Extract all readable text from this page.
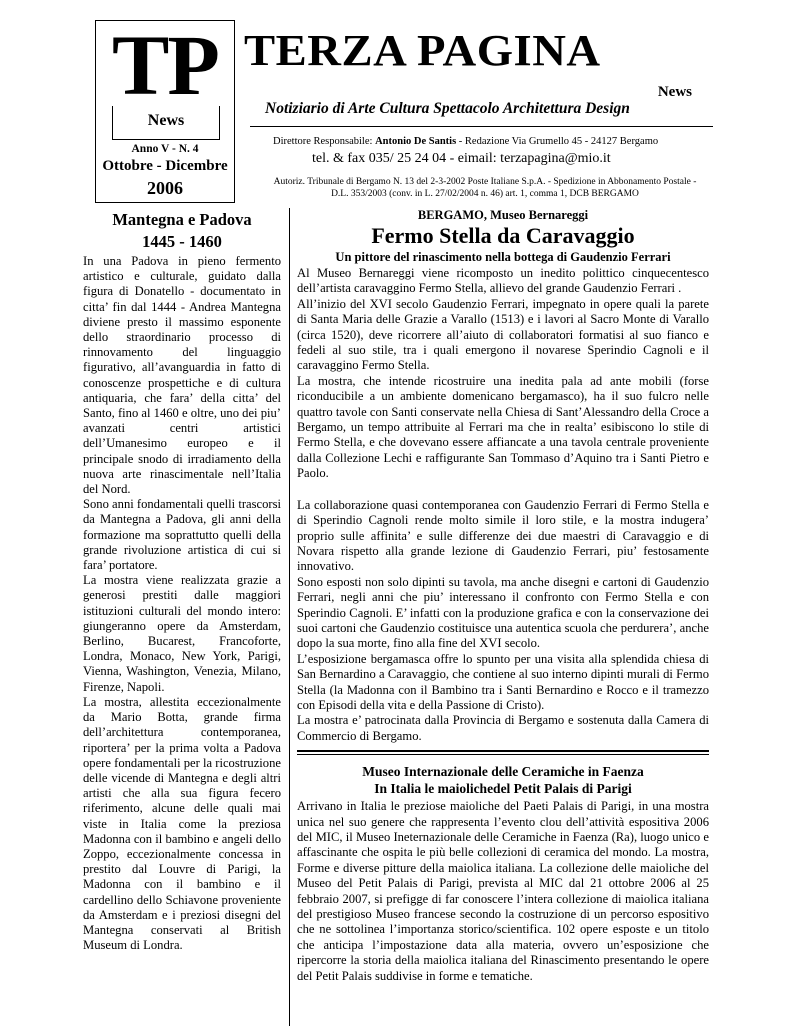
TP
News
Anno V - N. 4
Ottobre - Dicembre
2006
TERZA PAGINA
News
Notiziario di Arte Cultura Spettacolo Architettura Design
Direttore Responsabile: Antonio De Santis - Redazione Via Grumello 45 - 24127 Bergamo
tel. & fax 035/ 25 24 04 - eimail: terzapagina@mio.it
Autoriz. Tribunale di Bergamo N. 13 del 2-3-2002 Poste Italiane S.p.A. - Spedizione in Abbonamento Postale -
D.L. 353/2003 (conv. in L. 27/02/2004 n. 46) art. 1, comma 1, DCB BERGAMO
Mantegna e Padova
1445 - 1460

In una Padova in pieno fermento artistico e culturale, guidato dalla figura di Donatello - documentato in citta’ fin dal 1444 - Andrea Mantegna diviene presto il massimo esponente dello straordinario processo di rinnovamento del linguaggio figurativo, all’avanguardia in fatto di conoscenze prospettiche e di cultura antiquaria, che fara’ della citta’ del Santo, fino al 1460 e oltre, uno dei piu’ avanzati centri artistici dell’Umanesimo europeo e il principale snodo di irradiamento della nuova arte rinascimentale nell’Italia del Nord.

Sono anni fondamentali quelli trascorsi da Mantegna a Padova, gli anni della formazione ma soprattutto quelli della grande rivoluzione artistica di cui si fara’ portatore.

La mostra viene realizzata grazie a generosi prestiti dalle maggiori istituzioni culturali del mondo intero: giungeranno opere da Amsterdam, Berlino, Bucarest, Francoforte, Londra, Monaco, New York, Parigi, Vienna, Washington, Venezia, Milano, Firenze, Napoli.

La mostra, allestita eccezionalmente da Mario Botta, grande firma dell’architettura contemporanea, riportera’ per la prima volta a Padova opere fondamentali per la ricostruzione delle vicende di Mantegna e degli altri artisti che alla sua figura fecero riferimento, alcune delle quali mai viste in Italia come la preziosa Madonna con il bambino e angeli dello Zoppo, eccezionalmente concessa in prestito dal Louvre di Parigi, la Madonna con il bambino e il cardellino dello Schiavone proveniente da Amsterdam e i preziosi disegni del Mantegna conservati al British Museum di Londra.

BERGAMO, Museo Bernareggi
Fermo Stella da Caravaggio
Un pittore del rinascimento nella bottega di Gaudenzio Ferrari

Al Museo Bernareggi viene ricomposto un inedito polittico cinquecentesco dell’artista caravaggino Fermo Stella, allievo del grande Gaudenzio Ferrari .

All’inizio del XVI secolo Gaudenzio Ferrari, impegnato in opere quali la parete di Santa Maria delle Grazie a Varallo (1513) e i lavori al Sacro Monte di Varallo (circa 1520), deve ricorrere all’aiuto di collaboratori formatisi al suo fianco e fedeli al suo stile, tra i quali emergono il novarese Sperindio Cagnoli e il caravaggino Fermo Stella.

La mostra, che intende ricostruire una inedita pala ad ante mobili (forse riconducibile a un ambiente domenicano bergamasco), ha il suo fulcro nelle quattro tavole con Santi conservate nella Chiesa di Sant’Alessandro della Croce a Bergamo, un tempo attribuite al Ferrari ma che in realta’ esibiscono lo stile di Fermo Stella, e che dovevano essere affiancate a una tavola centrale proveniente dalla Collezione Lechi e raffigurante San Tommaso d’Aquino tra i Santi Pietro e Paolo.

La collaborazione quasi contemporanea con Gaudenzio Ferrari di Fermo Stella e di Sperindio Cagnoli rende molto simile il loro stile, e la mostra indugera’ proprio sulle affinita’ e sulle differenze dei due maestri di Caravaggio e di Novara rispetto alla grande lezione di Gaudenzio Ferrari, piu’ festosamente innovativo.

Sono esposti non solo dipinti su tavola, ma anche disegni e cartoni di Gaudenzio Ferrari, negli anni che piu’ interessano il confronto con Fermo Stella e con Sperindio Cagnoli. E’ infatti con la produzione grafica e con la conservazione dei suoi cartoni che Gaudenzio costituisce una autentica scuola che perdurera’, anche dopo la sua morte, fino alla fine del XVI secolo.

L’esposizione bergamasca offre lo spunto per una visita alla splendida chiesa di San Bernardino a Caravaggio, che contiene al suo interno dipinti murali di Fermo Stella (la Madonna con il Bambino tra i Santi Bernardino e Rocco e il tramezzo con Episodi della vita e della Passione di Cristo).

La mostra e’ patrocinata dalla Provincia di Bergamo e sostenuta dalla Camera di Commercio di Bergamo.

Museo Internazionale delle Ceramiche in Faenza
In Italia le maiolichedel Petit Palais di Parigi

Arrivano in Italia le preziose maioliche del Paeti Palais di Parigi, in una mostra unica nel suo genere che rappresenta l’evento clou dell’attività espositiva 2006 del MIC, il Museo Ineternazionale delle Ceramiche in Faenza (Ra), luogo unico e affascinante che ospita le più belle collezioni di ceramica del mondo. La mostra, Forme e diverse pitture della maiolica italiana. La collezione delle maioliche del Museo del Petit Palais di Parigi, prevista al MIC dal 21 ottobre 2006 al 25 febbraio 2007, si prefigge di far conoscere l’intera collezione di maiolica italiana del prestigioso Museo francese secondo la costruzione di un percorso espositivo che ne sottolinea l’importanza storico/scientifica. 102 opere esposte e un titolo che anticipa l’impostazione data alla materia, ovvero un’esposizione che ripercorre la storia della maiolica italiana del Rinascimento presentando le opere del Petit Palais suddivise in forme e tematiche.
